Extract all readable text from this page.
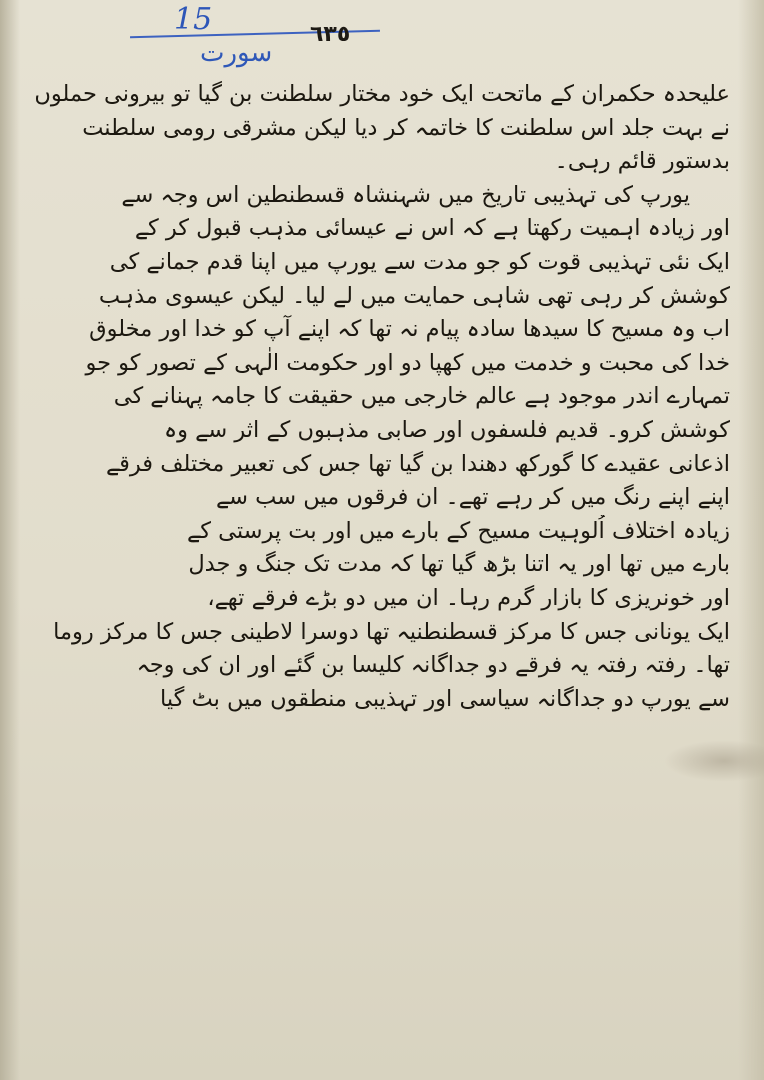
15
سورت
٦٣٥
علیحدہ حکمران کے ماتحت ایک خود مختار سلطنت بن گیا تو بیرونی حملوں
نے بہت جلد اس سلطنت کا خاتمہ کر دیا لیکن مشرقی رومی سلطنت
بدستور قائم رہی۔
یورپ کی تہذیبی تاریخ میں شہنشاہ قسطنطین اس وجہ سے
اور زیادہ اہمیت رکھتا ہے کہ اس نے عیسائی مذہب قبول کر کے
ایک نئی تہذیبی قوت کو جو مدت سے یورپ میں اپنا قدم جمانے کی
کوشش کر رہی تھی شاہی حمایت میں لے لیا۔ لیکن عیسوی مذہب
اب وہ مسیح کا سیدھا سادہ پیام نہ تھا کہ اپنے آپ کو خدا اور مخلوق
خدا کی محبت و خدمت میں کھپا دو اور حکومت الٰہی کے تصور کو جو
تمہارے اندر موجود ہے عالم خارجی میں حقیقت کا جامہ پہنانے کی
کوشش کرو۔ قدیم فلسفوں اور صابی مذہبوں کے اثر سے وہ
اذعانی عقیدے کا گورکھ دھندا بن گیا تھا جس کی تعبیر مختلف فرقے
اپنے اپنے رنگ میں کر رہے تھے۔ ان فرقوں میں سب سے
زیادہ اختلاف اُلوہیت مسیح کے بارے میں اور بت پرستی کے
بارے میں تھا اور یہ اتنا بڑھ گیا تھا کہ مدت تک جنگ و جدل
اور خونریزی کا بازار گرم رہا۔ ان میں دو بڑے فرقے تھے،
ایک یونانی جس کا مرکز قسطنطنیہ تھا دوسرا لاطینی جس کا مرکز روما
تھا۔ رفتہ رفتہ یہ فرقے دو جداگانہ کلیسا بن گئے اور ان کی وجہ
سے یورپ دو جداگانہ سیاسی اور تہذیبی منطقوں میں بٹ گیا
